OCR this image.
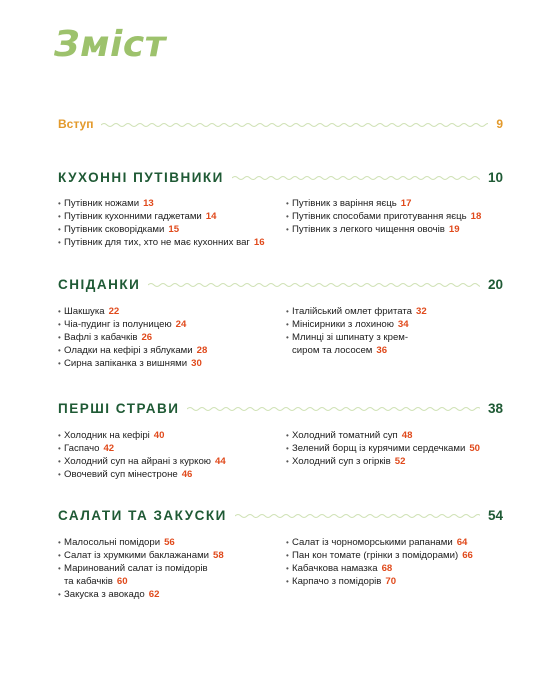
Зміст
Вступ	9
КУХОННІ ПУТІВНИКИ	10
• Путівник ножами 13
• Путівник кухонними гаджетами 14
• Путівник сковорідками 15
• Путівник для тих, хто не має кухонних ваг 16
• Путівник з варіння яєць 17
• Путівник способами приготування яєць 18
• Путівник з легкого чищення овочів 19
СНІДАНКИ	20
• Шакшука 22
• Чіа-пудинг із полуницею 24
• Вафлі з кабачків 26
• Оладки на кефірі з яблуками 28
• Сирна запіканка з вишнями 30
• Італійський омлет фритата 32
• Мінісирники з лохиною 34
• Млинці зі шпинату з крем-
сиром та лососем 36
ПЕРШІ СТРАВИ	38
• Холодник на кефірі 40
• Гаспачо 42
• Холодний суп на айрані з куркою 44
• Овочевий суп мінестроне 46
• Холодний томатний суп 48
• Зелений борщ із курячими сердечками 50
• Холодний суп з огірків 52
САЛАТИ ТА ЗАКУСКИ	54
• Малосольні помідори 56
• Салат із хрумкими баклажанами 58
• Маринований салат із помідорів
та кабачків 60
• Закуска з авокадо 62
• Салат із чорноморськими рапанами 64
• Пан кон томате (грінки з помідорами) 66
• Кабачкова намазка 68
• Карпачо з помідорів 70
